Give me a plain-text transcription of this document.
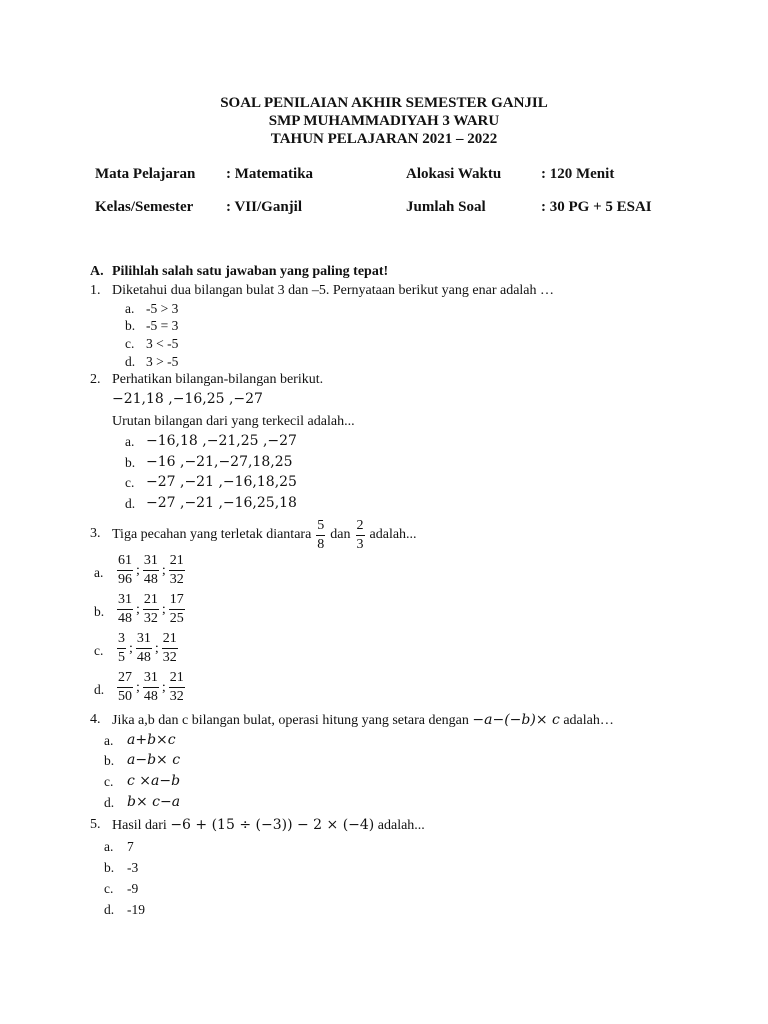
SOAL PENILAIAN AKHIR SEMESTER GANJIL
SMP MUHAMMADIYAH 3 WARU
TAHUN PELAJARAN 2021 – 2022
Mata Pelajaran : Matematika	Alokasi Waktu	: 120 Menit
Kelas/Semester : VII/Ganjil	Jumlah Soal	: 30 PG + 5 ESAI
A. Pilihlah salah satu jawaban yang paling tepat!
1. Diketahui dua bilangan bulat 3 dan –5. Pernyataan berikut yang enar adalah …
a. -5 > 3
b. -5 = 3
c. 3 < -5
d. 3 > -5
2. Perhatikan bilangan-bilangan berikut.
−21,18 ,−16,25 ,−27
Urutan bilangan dari yang terkecil adalah...
a. −16,18 ,−21,25 ,−27
b. −16 ,−21,−27,18,25
c. −27 ,−21 ,−16,18,25
d. −27 ,−21 ,−16,25,18
3. Tiga pecahan yang terletak diantara $\frac{5}{8}$ dan $\frac{2}{3}$ adalah...
a. $\frac{61}{96}$ ; $\frac{31}{48}$ ; $\frac{21}{32}$
b. $\frac{31}{48}$ ; $\frac{21}{32}$ ; $\frac{17}{25}$
c. $\frac{3}{5}$ ; $\frac{31}{48}$ ; $\frac{21}{32}$
d. $\frac{27}{50}$ ; $\frac{31}{48}$ ; $\frac{21}{32}$
4. Jika a,b dan c bilangan bulat, operasi hitung yang setara dengan −a−(−b)× c adalah…
a. a+b×c
b. a−b× c
c. c ×a−b
d. b× c−a
5. Hasil dari −6 + (15 ÷ (−3)) − 2 × (−4) adalah...
a. 7
b. -3
c. -9
d. -19
